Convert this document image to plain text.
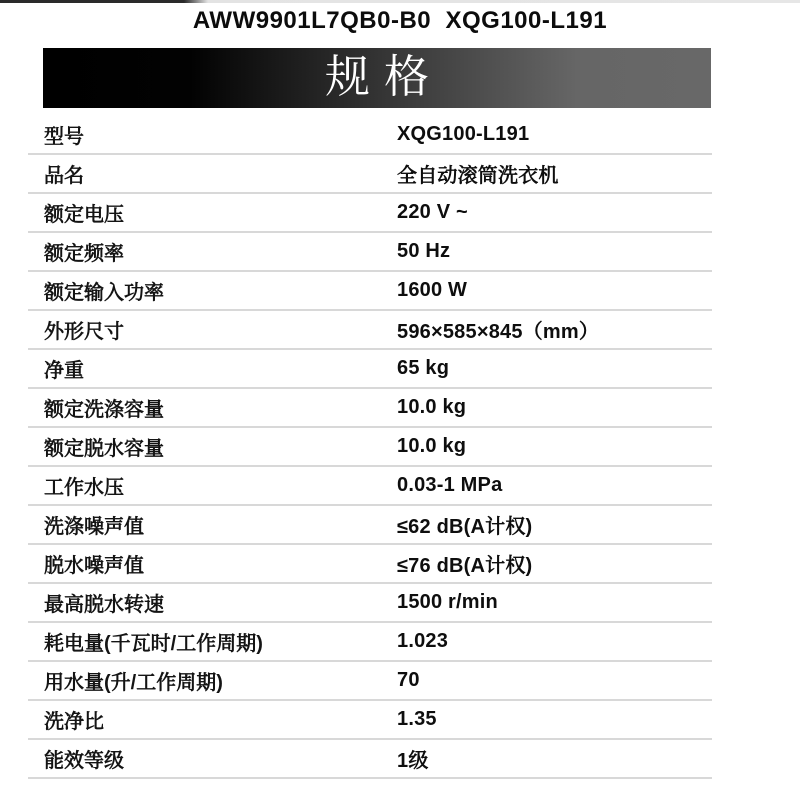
AWW9901L7QB0-B0  XQG100-L191
规格
型号	XQG100-L191
品名	全自动滚筒洗衣机
额定电压	220 V ~
额定频率	50 Hz
额定输入功率	1600 W
外形尺寸	596×585×845（mm）
净重	65 kg
额定洗涤容量	10.0 kg
额定脱水容量	10.0 kg
工作水压	0.03-1 MPa
洗涤噪声值	≤62 dB(A计权)
脱水噪声值	≤76 dB(A计权)
最高脱水转速	1500 r/min
耗电量(千瓦时/工作周期)	1.023
用水量(升/工作周期)	70
洗净比	1.35
能效等级	1级
